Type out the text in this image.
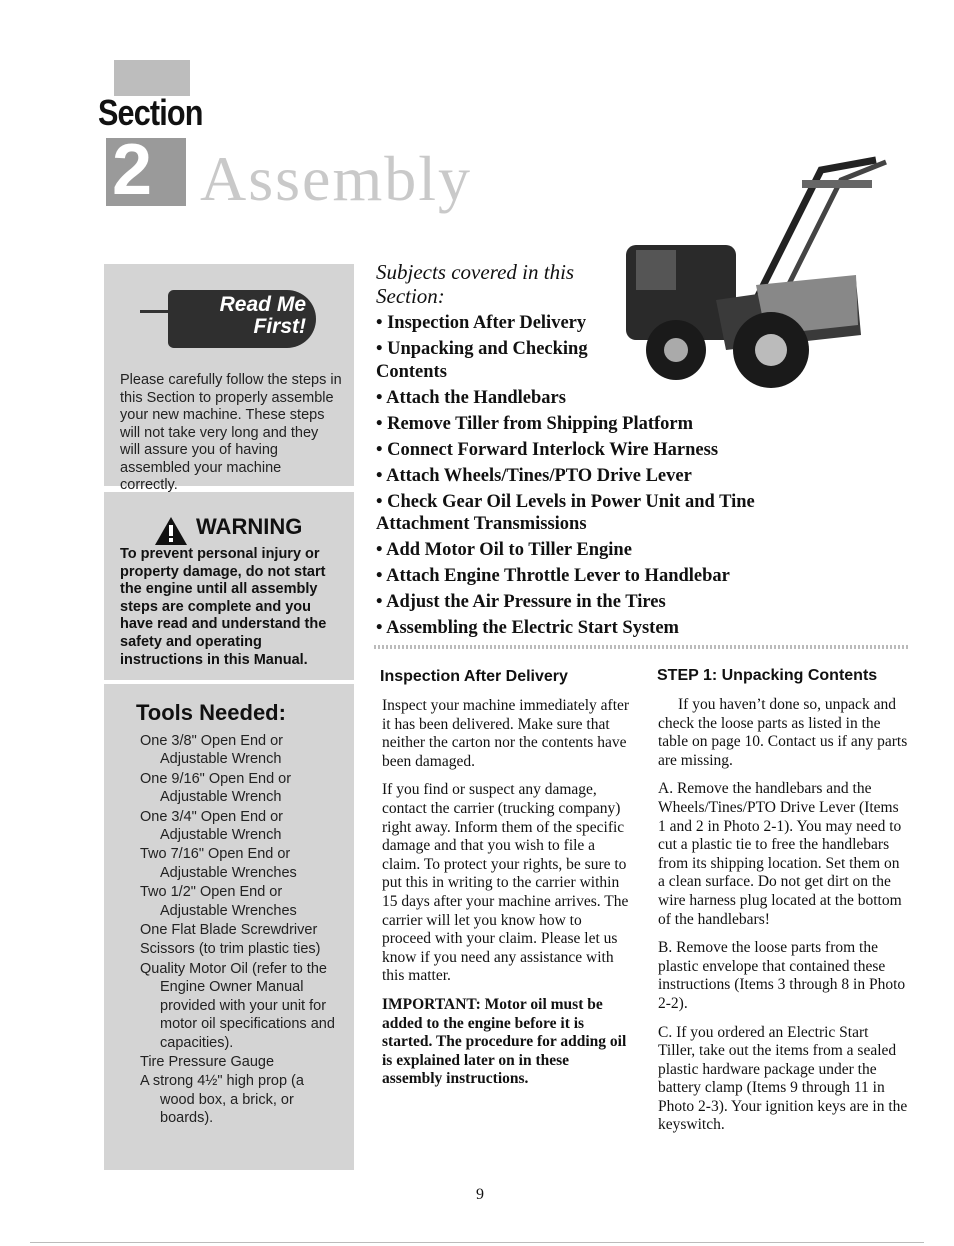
Section
2 Assembly
Read Me First!
Please carefully follow the steps in this Section to properly assemble your new machine. These steps will not take very long and they will assure you of having assembled your machine correctly.
WARNING
To prevent personal injury or property damage, do not start the engine until all assembly steps are complete and you have read and understand the safety and operating instructions in this Manual.
Tools Needed:
One 3/8" Open End or Adjustable Wrench
One 9/16" Open End or Adjustable Wrench
One 3/4" Open End or Adjustable Wrench
Two 7/16" Open End or Adjustable Wrenches
Two 1/2" Open End or Adjustable Wrenches
One Flat Blade Screwdriver
Scissors (to trim plastic ties)
Quality Motor Oil (refer to the Engine Owner Manual provided with your unit for motor oil specifications and capacities).
Tire Pressure Gauge
A strong 4½" high prop (a wood box, a brick, or boards).
Subjects covered in this Section:
• Inspection After Delivery
• Unpacking and Checking Contents
• Attach the Handlebars
• Remove Tiller from Shipping Platform
• Connect Forward Interlock Wire Harness
• Attach Wheels/Tines/PTO Drive Lever
• Check Gear Oil Levels in Power Unit and Tine Attachment Transmissions
• Add Motor Oil to Tiller Engine
• Attach Engine Throttle Lever to Handlebar
• Adjust the Air Pressure in the Tires
• Assembling the Electric Start System
Inspection After Delivery

Inspect your machine immediately after it has been delivered. Make sure that neither the carton nor the contents have been damaged.

If you find or suspect any damage, contact the carrier (trucking company) right away. Inform them of the specific damage and that you wish to file a claim. To protect your rights, be sure to put this in writing to the carrier within 15 days after your machine arrives. The carrier will let you know how to proceed with your claim. Please let us know if you need any assistance with this matter.

IMPORTANT: Motor oil must be added to the engine before it is started. The procedure for adding oil is explained later on in these assembly instructions.

STEP 1: Unpacking Contents

If you haven’t done so, unpack and check the loose parts as listed in the table on page 10. Contact us if any parts are missing.

A. Remove the handlebars and the Wheels/Tines/PTO Drive Lever (Items 1 and 2 in Photo 2-1). You may need to cut a plastic tie to free the handlebars from its shipping location. Set them on a clean surface. Do not get dirt on the wire harness plug located at the bottom of the handlebars!

B. Remove the loose parts from the plastic envelope that contained these instructions (Items 3 through 8 in Photo 2-2).

C. If you ordered an Electric Start Tiller, take out the items from a sealed plastic hardware package under the battery clamp (Items 9 through 11 in Photo 2-3). Your ignition keys are in the keyswitch.

9
